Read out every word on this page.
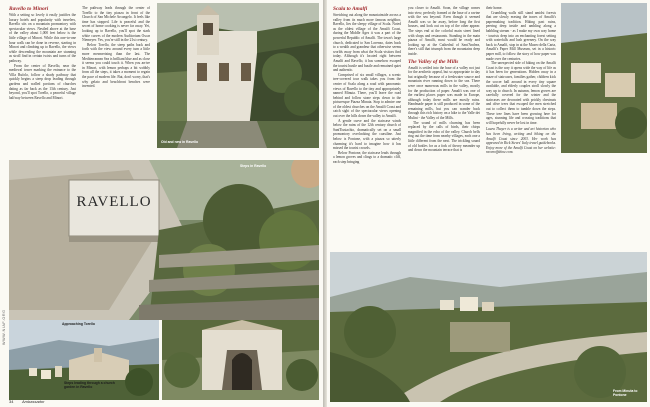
Ravello to Minori

With a setting so lovely it easily justifies the luxury hotels and popularity with travelers, Ravello sits on a mountain promontory with spectacular views. Nestled above at the base of the valley about 1,000 feet below is the little village of Minori. While this one-to-one hour walk can be done in reverse, starting in Minori and climbing up to Ravello, the views while descending the mountain are stunning as stroll find in certain twists and turns of the pathway.

From the center of Ravello, near the medieval tower marking the entrance to the Villa Rufolo, follow a shady pathway that quickly begins a steep drop leading through gardens and walled portions of churches dating as far back as the 13th century. Just beyond, you'll spot Torello, a peaceful village halfway between Ravello and Minori.

The pathway leads through the center of Torello to the tiny piazza in front of the Church of San Michele Arcangelo. It feels like time has stopped. Life is peaceful and the secret of home cooking is never far away. Yet, looking up to Ravello, you'll spot the stark white curves of the modern Auditorium Oscar Niemeyer. Yes, you're still in the 21st century.

Below Torello, the steep paths back and forth with the view around every turn a little more mesmerizing than the last. The Mediterranean Sea is brilliant blue and as close it seems you could touch it. When you arrive in Minori, with lemon perhaps a bit wobbly from all the steps, it takes a moment to regain the pace of modern life. But, don't worry, that's why gelato and beachfront benches were invented.

Old and new in Ravello
RAVELLO
Steps in Ravello
Approaching Torello
Steps leading through a church garden in Ravello
WWW.NIAF.ORG
34 Ambassador
Scala to Amalfi

Stretching out along the mountainside across a valley from its much more famous neighbor, Ravello, lies the sleepy village of Scala. Noted as the oldest village of the Amalfi Coast, during the Middle Ages it was a part of the powerful Republic of Amalfi. The town's large church, dedicated to San Lorenzo, dates back to a wealth and grandeur that otherwise seems worlds away from what the Scala visitors find today. Although it's located right between Amalfi and Ravello, it has somehow escaped the tourist hustle and bustle and remained quiet and authentic.

Comprised of six small villages, a scenic tree-covered tour walk takes you from the center of Scala along a road with panoramic views of Ravello to the tiny and appropriately named Minuta. There, you'll leave the road behind and follow stone steps down to the picturesque Piazza Minuta. Stop to admire one of the oldest churches on the Amalfi Coast and catch sight of the spectacular views opening out over the hills down the valley to Amalfi.

A gentle curve and the staircase winds below the ruins of the 12th century church of Sant'Eustachio, dramatically set on a small promontory overlooking the coastline. Just below is Pontone, with a piazza so utterly charming it's hard to imagine how it has missed the tourist crowds.

Below Pontone, the staircase leads through a lemon groves and clings to a dramatic cliff, each step bringing

you closer to Amalfi. Soon, the village comes into view, perfectly framed at the base of a ravine with the sea beyond. Even though it seemed Amalfi was so far away, before long the first houses, and look out on top of the other appear. The steps end at the colorful main street lined with shops and restaurants. Standing in the main piazza of Amalfi, most would be ready and looking up at the Cathedral of Sant'Andrea, there's still that triumph from the mountains deep inside.

The Valley of the Mills

Amalfi is settled into the base of a valley not just for the aesthetic appeal, but so appropriate to day but originally because of a freshwater source and mountain river running down to the sea. There were once numerous mills in the valley, mostly for the production of paper. Amalfi was one of the earliest places paper was made in Europe, although today these mills are mostly ruins. Handmade paper is still produced in some of the remaining mills, but you can wander back through this rich history on a hike to the Valle dei Mulini - the Valley of the Mills.

The sound of mills churning has been replaced by the calls of birds, their chirps magnified in the echo of the valley. Church bells ring out the time from nearby villages, each one a little different from the next. The trickling sound of old bottles for as a fork of theory meander up and down the mountain terrace that is

their home.

Crumbling walls still stand amidst forests that are slowly erasing the traces of Amalfi's papermaking tradition. Hiking past ruins, peering deep inside and ambling along a babbling stream - as I make my own way home - tourists deep into an enchanting forest setting with waterfalls and lush greenery. On the way back to Amalfi, stop in at the Museo della Carta, Amalfi's Paper Mill Museum, set in a historic paper mill, to follow the story of how paper was made over the centuries.

The unexpected side of hiking on the Amalfi Coast is the way it opens wide the way of life as it has been for generations. Hidden away in a maze of staircases, families gather, children kick the soccer ball around in every tiny square available, and elderly couples stroll slowly the way up to church. In autumn, lemon groves are carefully covered for the winter and the staircases are decorated with prickly chestnuts and olive trees that escaped the men stretched out to collect them to tumble down the steps. These tree lines have been growing here for ages, stunning life and crossing traditions that will hopefully never be lost in time.

Laura Thayer is a writer and art historian who has been living, writing and hiking on the Amalfi Coast since 2003. Her work has appeared in Rick Steves' Italy travel guidebooks. Enjoy more of the Amalfi Coast on her website: ravenoffshine.com.

From Minuta to Pontone
